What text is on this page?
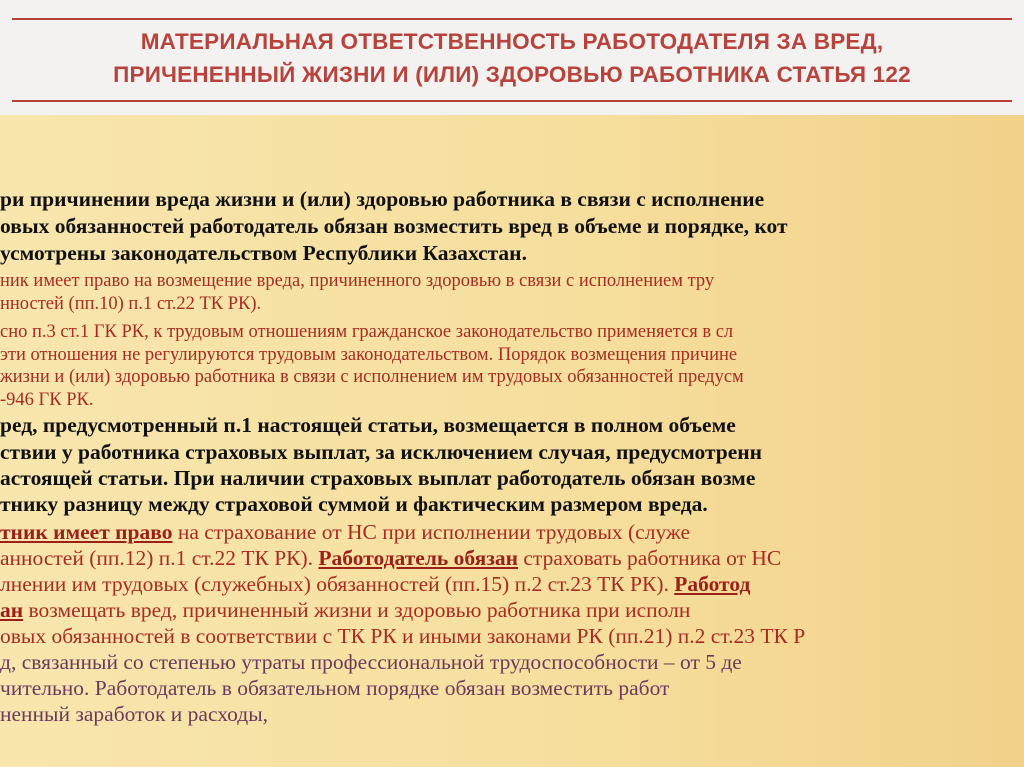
МАТЕРИАЛЬНАЯ ОТВЕТСТВЕННОСТЬ РАБОТОДАТЕЛЯ ЗА ВРЕД,
ПРИЧЕНЕННЫЙ ЖИЗНИ И (ИЛИ) ЗДОРОВЬЮ РАБОТНИКА СТАТЬЯ 122
ри причинении вреда жизни и (или) здоровью работника в связи с исполнение
овых обязанностей работодатель обязан возместить вред в объеме и порядке, кот
усмотрены законодательством Республики Казахстан.
ник имеет право на возмещение вреда, причиненного здоровью в связи с исполнением тру
нностей (пп.10) п.1 ст.22 ТК РК).
сно п.3 ст.1 ГК РК, к трудовым отношениям гражданское законодательство применяется в сл
эти отношения не регулируются трудовым законодательством. Порядок возмещения причине
жизни и (или) здоровью работника в связи с исполнением им трудовых обязанностей предусм
-946 ГК РК.
ред, предусмотренный п.1 настоящей статьи, возмещается в полном объеме
ствии у работника страховых выплат, за исключением случая, предусмотренн
астоящей статьи. При наличии страховых выплат работодатель обязан возме
тнику разницу между страховой суммой и фактическим размером вреда.
тник имеет право на страхование от НС при исполнении трудовых (служе
анностей (пп.12) п.1 ст.22 ТК РК). Работодатель обязан страховать работника от НС
лнении им трудовых (служебных) обязанностей (пп.15) п.2 ст.23 ТК РК). Работод
ан возмещать вред, причиненный жизни и здоровью работника при исполн
овых обязанностей в соответствии с ТК РК и иными законами РК (пп.21) п.2 ст.23 ТК Р
д, связанный со степенью утраты профессиональной трудоспособности – от 5 де
чительно. Работодатель в обязательном порядке обязан возместить работ
ненный заработок и расходы,
